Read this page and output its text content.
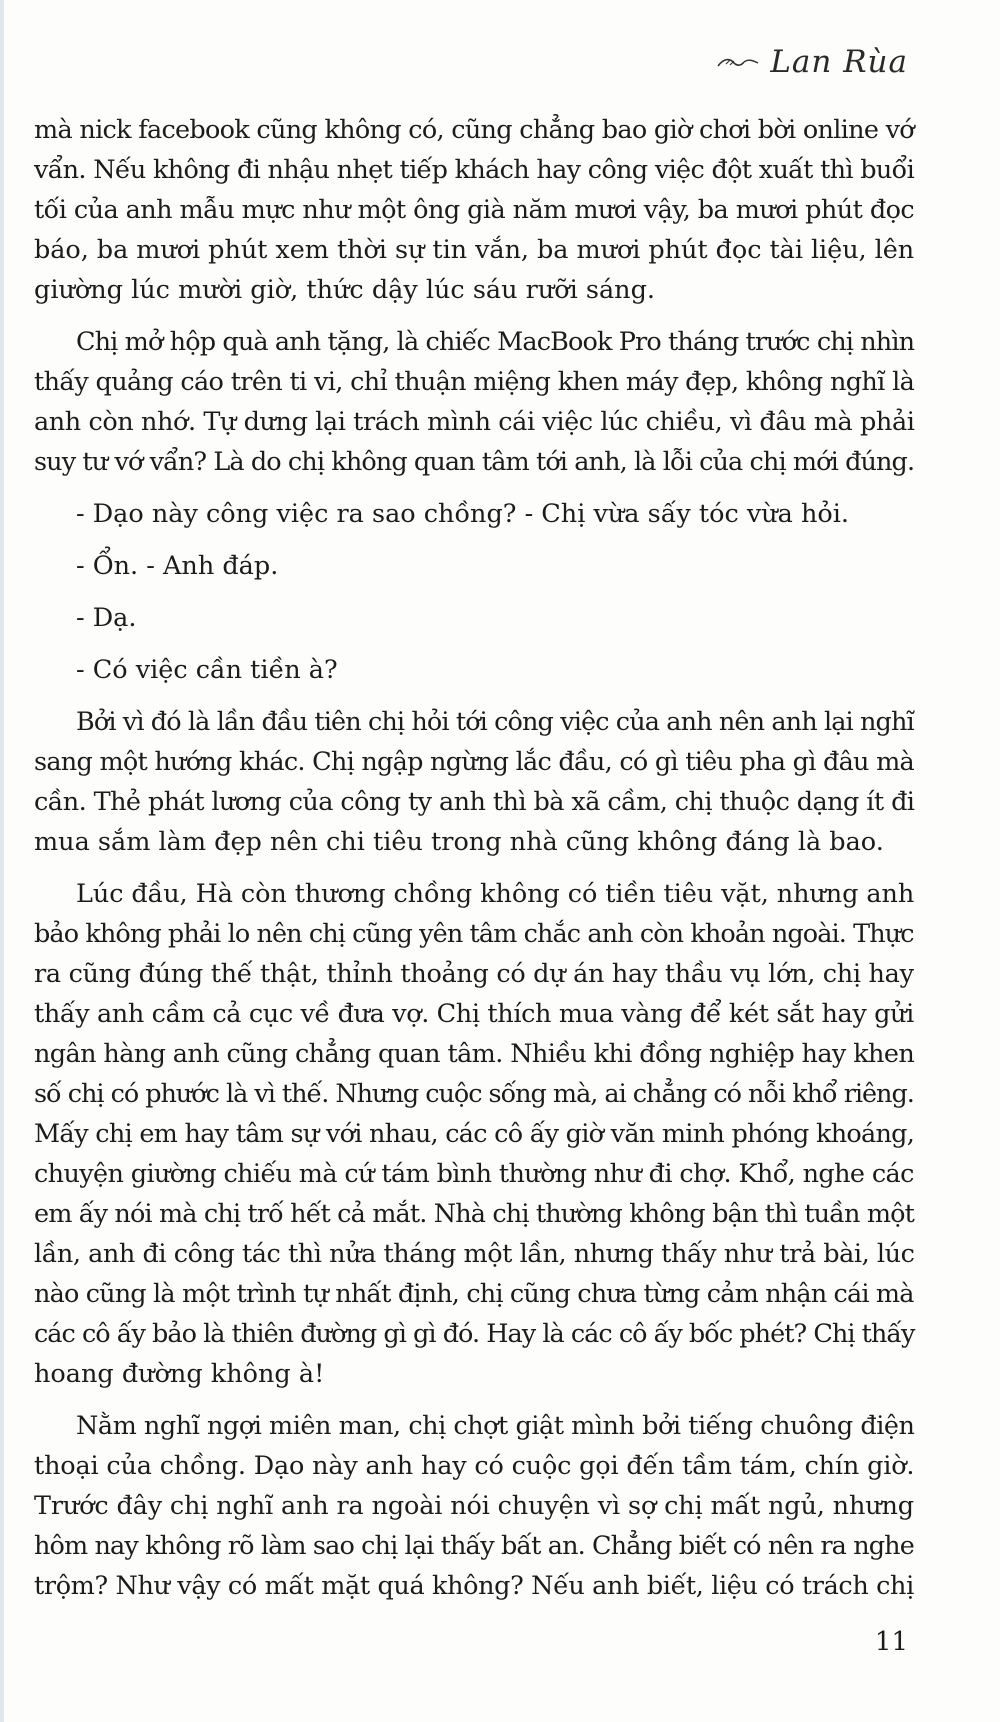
Lan Rùa
mà nick facebook cũng không có, cũng chẳng bao giờ chơi bời online vớ
vẩn. Nếu không đi nhậu nhẹt tiếp khách hay công việc đột xuất thì buổi
tối của anh mẫu mực như một ông già năm mươi vậy, ba mươi phút đọc
báo, ba mươi phút xem thời sự tin vắn, ba mươi phút đọc tài liệu, lên
giường lúc mười giờ, thức dậy lúc sáu rưỡi sáng.
Chị mở hộp quà anh tặng, là chiếc MacBook Pro tháng trước chị nhìn
thấy quảng cáo trên ti vi, chỉ thuận miệng khen máy đẹp, không nghĩ là
anh còn nhớ. Tự dưng lại trách mình cái việc lúc chiều, vì đâu mà phải
suy tư vớ vẩn? Là do chị không quan tâm tới anh, là lỗi của chị mới đúng.
- Dạo này công việc ra sao chồng? - Chị vừa sấy tóc vừa hỏi.
- Ổn. - Anh đáp.
- Dạ.
- Có việc cần tiền à?
Bởi vì đó là lần đầu tiên chị hỏi tới công việc của anh nên anh lại nghĩ
sang một hướng khác. Chị ngập ngừng lắc đầu, có gì tiêu pha gì đâu mà
cần. Thẻ phát lương của công ty anh thì bà xã cầm, chị thuộc dạng ít đi
mua sắm làm đẹp nên chi tiêu trong nhà cũng không đáng là bao.
Lúc đầu, Hà còn thương chồng không có tiền tiêu vặt, nhưng anh
bảo không phải lo nên chị cũng yên tâm chắc anh còn khoản ngoài. Thực
ra cũng đúng thế thật, thỉnh thoảng có dự án hay thầu vụ lớn, chị hay
thấy anh cầm cả cục về đưa vợ. Chị thích mua vàng để két sắt hay gửi
ngân hàng anh cũng chẳng quan tâm. Nhiều khi đồng nghiệp hay khen
số chị có phước là vì thế. Nhưng cuộc sống mà, ai chẳng có nỗi khổ riêng.
Mấy chị em hay tâm sự với nhau, các cô ấy giờ văn minh phóng khoáng,
chuyện giường chiếu mà cứ tám bình thường như đi chợ. Khổ, nghe các
em ấy nói mà chị trố hết cả mắt. Nhà chị thường không bận thì tuần một
lần, anh đi công tác thì nửa tháng một lần, nhưng thấy như trả bài, lúc
nào cũng là một trình tự nhất định, chị cũng chưa từng cảm nhận cái mà
các cô ấy bảo là thiên đường gì gì đó. Hay là các cô ấy bốc phét? Chị thấy
hoang đường không à!
Nằm nghĩ ngợi miên man, chị chợt giật mình bởi tiếng chuông điện
thoại của chồng. Dạo này anh hay có cuộc gọi đến tầm tám, chín giờ.
Trước đây chị nghĩ anh ra ngoài nói chuyện vì sợ chị mất ngủ, nhưng
hôm nay không rõ làm sao chị lại thấy bất an. Chẳng biết có nên ra nghe
trộm? Như vậy có mất mặt quá không? Nếu anh biết, liệu có trách chị
11
